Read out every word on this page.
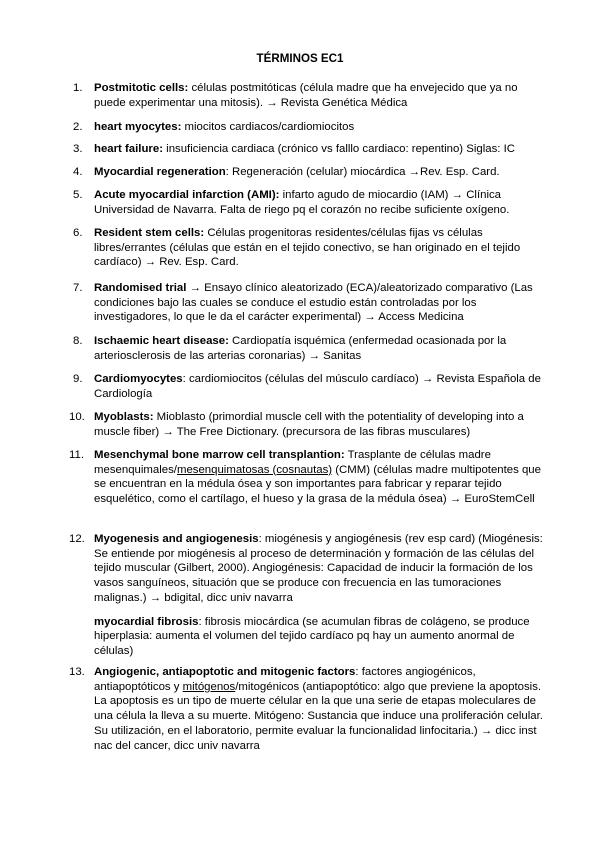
TÉRMINOS EC1
1. Postmitotic cells: células postmitóticas (célula madre que ha envejecido que ya no puede experimentar una mitosis). → Revista Genética Médica
2. heart myocytes: miocitos cardiacos/cardiomiocitos
3. heart failure: insuficiencia cardiaca (crónico vs falllo cardiaco: repentino) Siglas: IC
4. Myocardial regeneration: Regeneración (celular) miocárdica →Rev. Esp. Card.
5. Acute myocardial infarction (AMI): infarto agudo de miocardio (IAM) → Clínica Universidad de Navarra. Falta de riego pq el corazón no recibe suficiente oxígeno.
6. Resident stem cells: Células progenitoras residentes/células fijas vs células libres/errantes (células que están en el tejido conectivo, se han originado en el tejido cardíaco) → Rev. Esp. Card.
7. Randomised trial → Ensayo clínico aleatorizado (ECA)/aleatorizado comparativo (Las condiciones bajo las cuales se conduce el estudio están controladas por los investigadores, lo que le da el carácter experimental) → Access Medicina
8. Ischaemic heart disease: Cardiopatía isquémica (enfermedad ocasionada por la arteriosclerosis de las arterias coronarias) → Sanitas
9. Cardiomyocytes: cardiomiocitos (células del músculo cardíaco) → Revista Española de Cardiología
10. Myoblasts: Mioblasto (primordial muscle cell with the potentiality of developing into a muscle fiber) → The Free Dictionary. (precursora de las fibras musculares)
11. Mesenchymal bone marrow cell transplantion: Trasplante de células madre mesenquimales/mesenquimatosas (cosnautas) (CMM) (células madre multipotentes que se encuentran en la médula ósea y son importantes para fabricar y reparar tejido esquelético, como el cartílago, el hueso y la grasa de la médula ósea) → EuroStemCell
12. Myogenesis and angiogenesis: miogénesis y angiogénesis (rev esp card) (Miogénesis: Se entiende por miogénesis al proceso de determinación y formación de las células del tejido muscular (Gilbert, 2000). Angiogénesis: Capacidad de inducir la formación de los vasos sanguíneos, situación que se produce con frecuencia en las tumoraciones malignas.) → bdigital, dicc univ navarra
myocardial fibrosis: fibrosis miocárdica (se acumulan fibras de colágeno, se produce hiperplasia: aumenta el volumen del tejido cardíaco pq hay un aumento anormal de células)
13. Angiogenic, antiapoptotic and mitogenic factors: factores angiogénicos, antiapoptóticos y mitógenos/mitogénicos (antiapoptótico: algo que previene la apoptosis. La apoptosis es un tipo de muerte célular en la que una serie de etapas moleculares de una célula la lleva a su muerte. Mitógeno: Sustancia que induce una proliferación celular. Su utilización, en el laboratorio, permite evaluar la funcionalidad linfocitaria.) → dicc inst nac del cancer, dicc univ navarra
